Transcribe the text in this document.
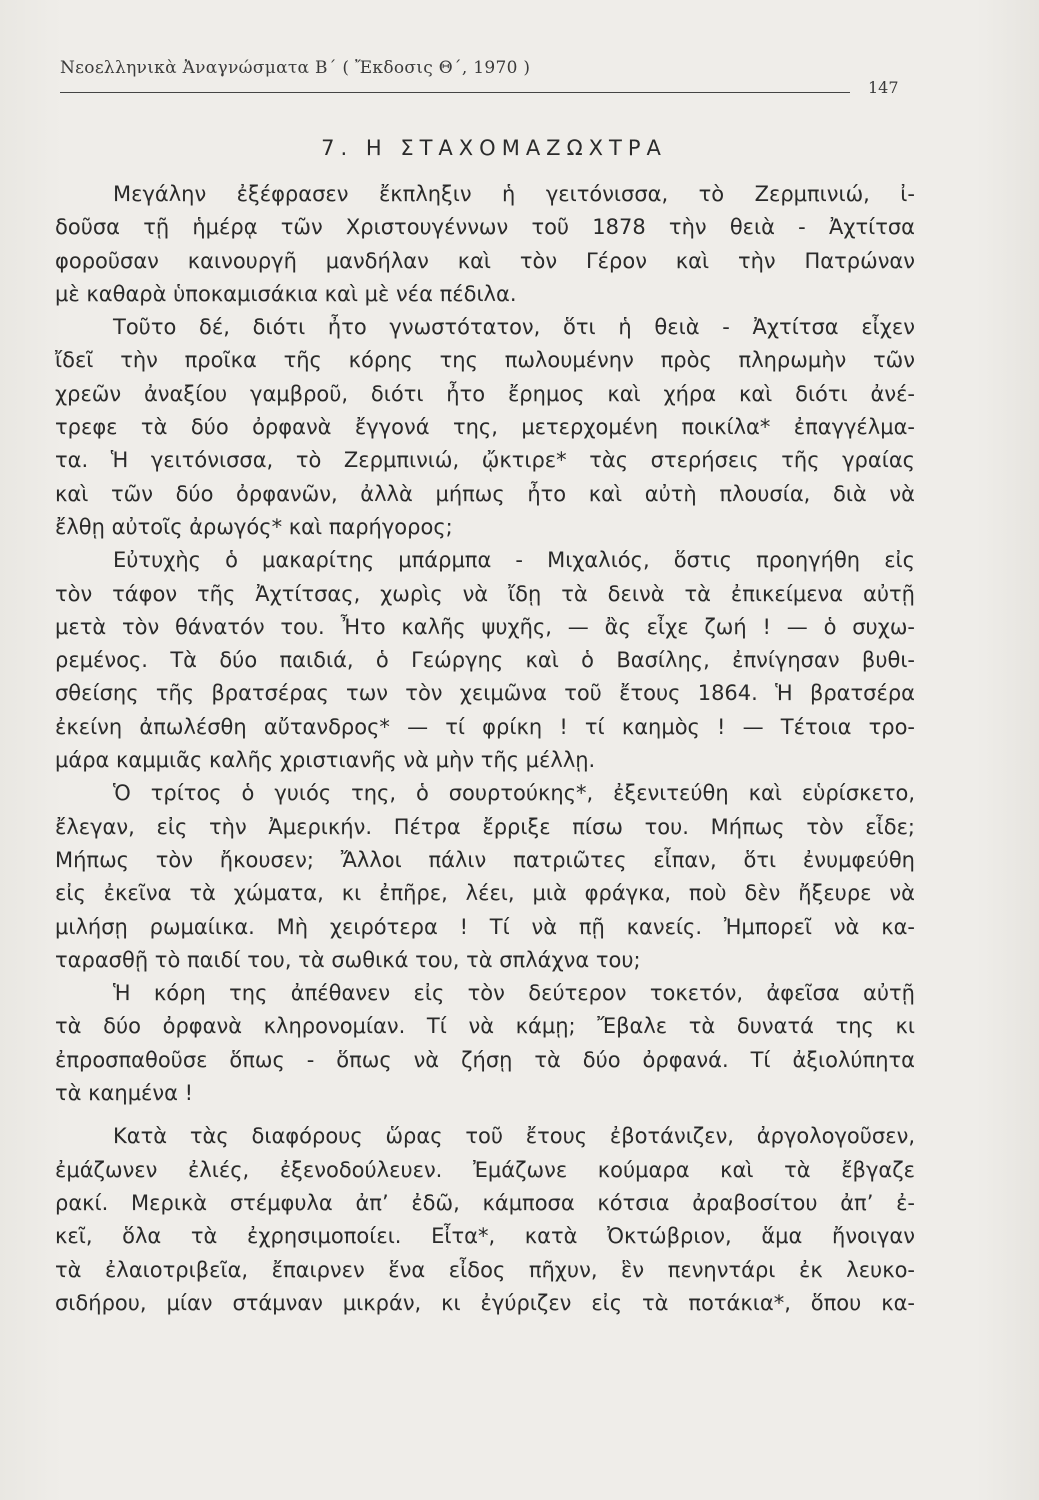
Νεοελληνικὰ Ἀναγνώσματα Β΄ ( Ἔκδοσις Θ΄, 1970 )
147
7. Η ΣΤΑΧΟΜΑΖΩΧΤΡΑ
Μεγάλην ἐξέφρασεν ἔκπληξιν ἡ γειτόνισσα, τὸ Ζερμπινιώ, ἰ-
δοῦσα τῇ ἡμέρᾳ τῶν Χριστουγέννων τοῦ 1878 τὴν θειὰ - Ἀχτίτσα
φοροῦσαν καινουργῆ μανδήλαν καὶ τὸν Γέρον καὶ τὴν Πατρώναν
μὲ καθαρὰ ὑποκαμισάκια καὶ μὲ νέα πέδιλα.
Τοῦτο δέ, διότι ἦτο γνωστότατον, ὅτι ἡ θειὰ - Ἀχτίτσα εἶχεν
ἴδεῖ τὴν προῖκα τῆς κόρης της πωλουμένην πρὸς πληρωμὴν τῶν
χρεῶν ἀναξίου γαμβροῦ, διότι ἦτο ἔρημος καὶ χήρα καὶ διότι ἀνέ-
τρεφε τὰ δύο ὀρφανὰ ἔγγονά της, μετερχομένη ποικίλα* ἐπαγγέλμα-
τα. Ἡ γειτόνισσα, τὸ Ζερμπινιώ, ᾤκτιρε* τὰς στερήσεις τῆς γραίας
καὶ τῶν δύο ὀρφανῶν, ἀλλὰ μήπως ἦτο καὶ αὐτὴ πλουσία, διὰ νὰ
ἔλθῃ αὐτοῖς ἀρωγός* καὶ παρήγορος;
Εὐτυχὴς ὁ μακαρίτης μπάρμπα - Μιχαλιός, ὅστις προηγήθη εἰς
τὸν τάφον τῆς Ἀχτίτσας, χωρὶς νὰ ἴδῃ τὰ δεινὰ τὰ ἐπικείμενα αὐτῇ
μετὰ τὸν θάνατόν του. Ἦτο καλῆς ψυχῆς, — ἂς εἶχε ζωή ! — ὁ συχω-
ρεμένος. Τὰ δύο παιδιά, ὁ Γεώργης καὶ ὁ Βασίλης, ἐπνίγησαν βυθι-
σθείσης τῆς βρατσέρας των τὸν χειμῶνα τοῦ ἔτους 1864. Ἡ βρατσέρα
ἐκείνη ἀπωλέσθη αὔτανδρος* — τί φρίκη ! τί καημὸς ! — Τέτοια τρο-
μάρα καμμιᾶς καλῆς χριστιανῆς νὰ μὴν τῆς μέλλῃ.
Ὁ τρίτος ὁ γυιός της, ὁ σουρτούκης*, ἐξενιτεύθη καὶ εὑρίσκετο,
ἔλεγαν, εἰς τὴν Ἀμερικήν. Πέτρα ἔρριξε πίσω του. Μήπως τὸν εἶδε;
Μήπως τὸν ἤκουσεν; Ἄλλοι πάλιν πατριῶτες εἶπαν, ὅτι ἐνυμφεύθη
εἰς ἐκεῖνα τὰ χώματα, κι ἐπῆρε, λέει, μιὰ φράγκα, ποὺ δὲν ἤξευρε νὰ
μιλήσῃ ρωμαίικα. Μὴ χειρότερα ! Τί νὰ πῇ κανείς. Ἠμπορεῖ νὰ κα-
ταρασθῇ τὸ παιδί του, τὰ σωθικά του, τὰ σπλάχνα του;
Ἡ κόρη της ἀπέθανεν εἰς τὸν δεύτερον τοκετόν, ἀφεῖσα αὐτῇ
τὰ δύο ὀρφανὰ κληρονομίαν. Τί νὰ κάμῃ; Ἔβαλε τὰ δυνατά της κι
ἐπροσπαθοῦσε ὅπως - ὅπως νὰ ζήσῃ τὰ δύο ὀρφανά. Τί ἀξιολύπητα
τὰ καημένα !
Κατὰ τὰς διαφόρους ὥρας τοῦ ἔτους ἐβοτάνιζεν, ἀργολογοῦσεν,
ἐμάζωνεν ἐλιές, ἐξενοδούλευεν. Ἐμάζωνε κούμαρα καὶ τὰ ἔβγαζε
ρακί. Μερικὰ στέμφυλα ἀπ’ ἐδῶ, κάμποσα κότσια ἀραβοσίτου ἀπ’ ἐ-
κεῖ, ὅλα τὰ ἐχρησιμοποίει. Εἶτα*, κατὰ Ὀκτώβριον, ἅμα ἤνοιγαν
τὰ ἐλαιοτριβεῖα, ἔπαιρνεν ἕνα εἶδος πῆχυν, ἓν πενηντάρι ἐκ λευκο-
σιδήρου, μίαν στάμναν μικράν, κι ἐγύριζεν εἰς τὰ ποτάκια*, ὅπου κα-
